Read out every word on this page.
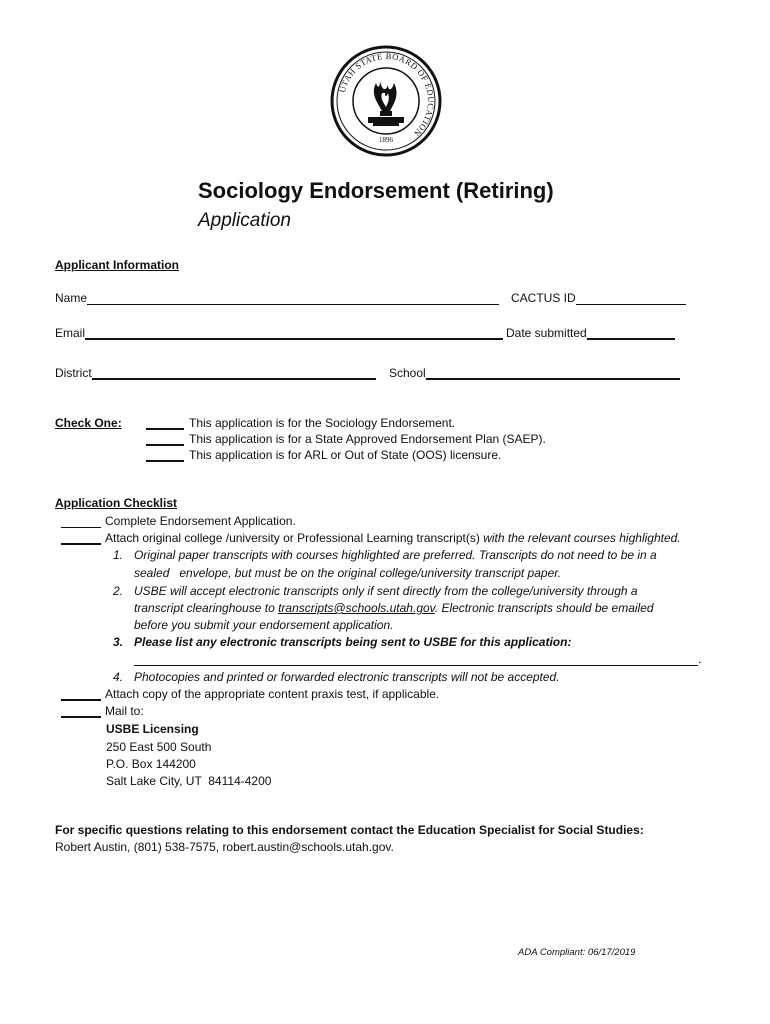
UTAH STATE BOARD OF EDUCATION
1896
Sociology Endorsement (Retiring)
Application
Applicant Information
Name	CACTUS ID
Email	Date submitted
District	School
Check One:	This application is for the Sociology Endorsement.
This application is for a State Approved Endorsement Plan (SAEP).
This application is for ARL or Out of State (OOS) licensure.
Application Checklist
Complete Endorsement Application.
Attach original college /university or Professional Learning transcript(s) with the relevant courses highlighted.
1. Original paper transcripts with courses highlighted are preferred. Transcripts do not need to be in a
sealed   envelope, but must be on the original college/university transcript paper.
2. USBE will accept electronic transcripts only if sent directly from the college/university through a
transcript clearinghouse to transcripts@schools.utah.gov. Electronic transcripts should be emailed
before you submit your endorsement application.
3. Please list any electronic transcripts being sent to USBE for this application:
.
4. Photocopies and printed or forwarded electronic transcripts will not be accepted.
Attach copy of the appropriate content praxis test, if applicable.
Mail to:
USBE Licensing
250 East 500 South
P.O. Box 144200
Salt Lake City, UT  84114-4200
For specific questions relating to this endorsement contact the Education Specialist for Social Studies:
Robert Austin, (801) 538-7575, robert.austin@schools.utah.gov.
ADA Compliant: 06/17/2019
